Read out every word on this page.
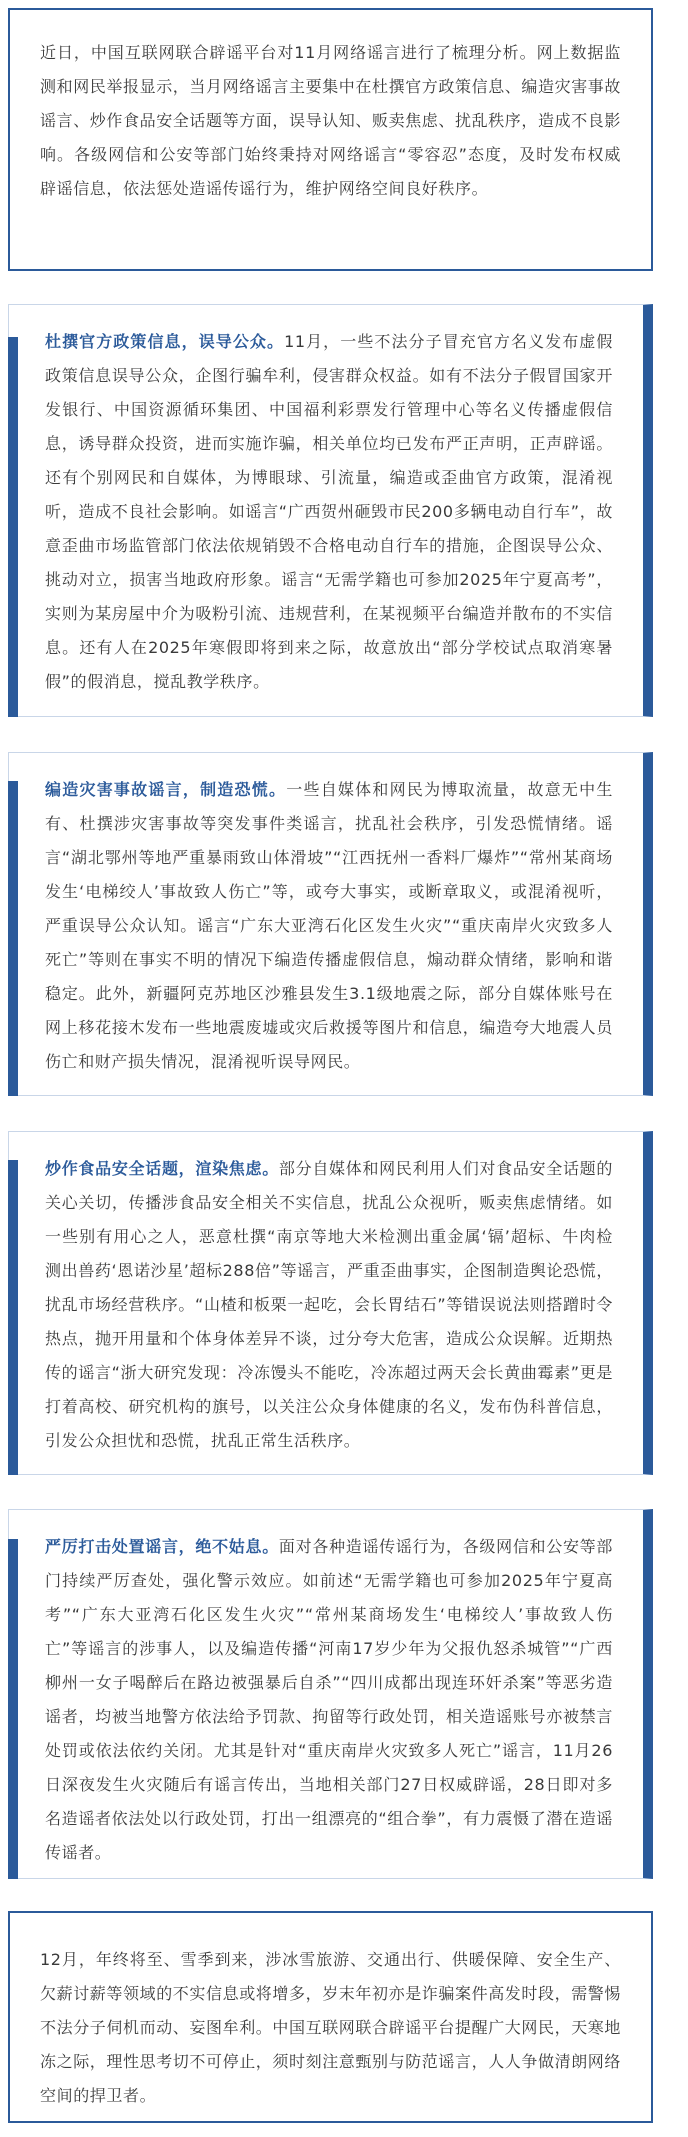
近日，中国互联网联合辟谣平台对11月网络谣言进行了梳理分析。网上数据监测和网民举报显示，当月网络谣言主要集中在杜撰官方政策信息、编造灾害事故谣言、炒作食品安全话题等方面，误导认知、贩卖焦虑、扰乱秩序，造成不良影响。各级网信和公安等部门始终秉持对网络谣言“零容忍”态度，及时发布权威辟谣信息，依法惩处造谣传谣行为，维护网络空间良好秩序。

杜撰官方政策信息，误导公众。11月，一些不法分子冒充官方名义发布虚假政策信息误导公众，企图行骗牟利，侵害群众权益。如有不法分子假冒国家开发银行、中国资源循环集团、中国福利彩票发行管理中心等名义传播虚假信息，诱导群众投资，进而实施诈骗，相关单位均已发布严正声明，正声辟谣。还有个别网民和自媒体，为博眼球、引流量，编造或歪曲官方政策，混淆视听，造成不良社会影响。如谣言“广西贺州砸毁市民200多辆电动自行车”，故意歪曲市场监管部门依法依规销毁不合格电动自行车的措施，企图误导公众、挑动对立，损害当地政府形象。谣言“无需学籍也可参加2025年宁夏高考”，实则为某房屋中介为吸粉引流、违规营利，在某视频平台编造并散布的不实信息。还有人在2025年寒假即将到来之际，故意放出“部分学校试点取消寒暑假”的假消息，搅乱教学秩序。

编造灾害事故谣言，制造恐慌。一些自媒体和网民为博取流量，故意无中生有、杜撰涉灾害事故等突发事件类谣言，扰乱社会秩序，引发恐慌情绪。谣言“湖北鄂州等地严重暴雨致山体滑坡”“江西抚州一香料厂爆炸”“常州某商场发生‘电梯绞人’事故致人伤亡”等，或夸大事实，或断章取义，或混淆视听，严重误导公众认知。谣言“广东大亚湾石化区发生火灾”“重庆南岸火灾致多人死亡”等则在事实不明的情况下编造传播虚假信息，煽动群众情绪，影响和谐稳定。此外，新疆阿克苏地区沙雅县发生3.1级地震之际，部分自媒体账号在网上移花接木发布一些地震废墟或灾后救援等图片和信息，编造夸大地震人员伤亡和财产损失情况，混淆视听误导网民。

炒作食品安全话题，渲染焦虑。部分自媒体和网民利用人们对食品安全话题的关心关切，传播涉食品安全相关不实信息，扰乱公众视听，贩卖焦虑情绪。如一些别有用心之人，恶意杜撰“南京等地大米检测出重金属‘镉’超标、牛肉检测出兽药‘恩诺沙星’超标288倍”等谣言，严重歪曲事实，企图制造舆论恐慌，扰乱市场经营秩序。“山楂和板栗一起吃，会长胃结石”等错误说法则搭蹭时令热点，抛开用量和个体身体差异不谈，过分夸大危害，造成公众误解。近期热传的谣言“浙大研究发现：冷冻馒头不能吃，冷冻超过两天会长黄曲霉素”更是打着高校、研究机构的旗号，以关注公众身体健康的名义，发布伪科普信息，引发公众担忧和恐慌，扰乱正常生活秩序。

严厉打击处置谣言，绝不姑息。面对各种造谣传谣行为，各级网信和公安等部门持续严厉查处，强化警示效应。如前述“无需学籍也可参加2025年宁夏高考”“广东大亚湾石化区发生火灾”“常州某商场发生‘电梯绞人’事故致人伤亡”等谣言的涉事人，以及编造传播“河南17岁少年为父报仇怒杀城管”“广西柳州一女子喝醉后在路边被强暴后自杀”“四川成都出现连环奸杀案”等恶劣造谣者，均被当地警方依法给予罚款、拘留等行政处罚，相关造谣账号亦被禁言处罚或依法依约关闭。尤其是针对“重庆南岸火灾致多人死亡”谣言，11月26日深夜发生火灾随后有谣言传出，当地相关部门27日权威辟谣，28日即对多名造谣者依法处以行政处罚，打出一组漂亮的“组合拳”，有力震慑了潜在造谣传谣者。

12月，年终将至、雪季到来，涉冰雪旅游、交通出行、供暖保障、安全生产、欠薪讨薪等领域的不实信息或将增多，岁末年初亦是诈骗案件高发时段，需警惕不法分子伺机而动、妄图牟利。中国互联网联合辟谣平台提醒广大网民，天寒地冻之际，理性思考切不可停止，须时刻注意甄别与防范谣言，人人争做清朗网络空间的捍卫者。
